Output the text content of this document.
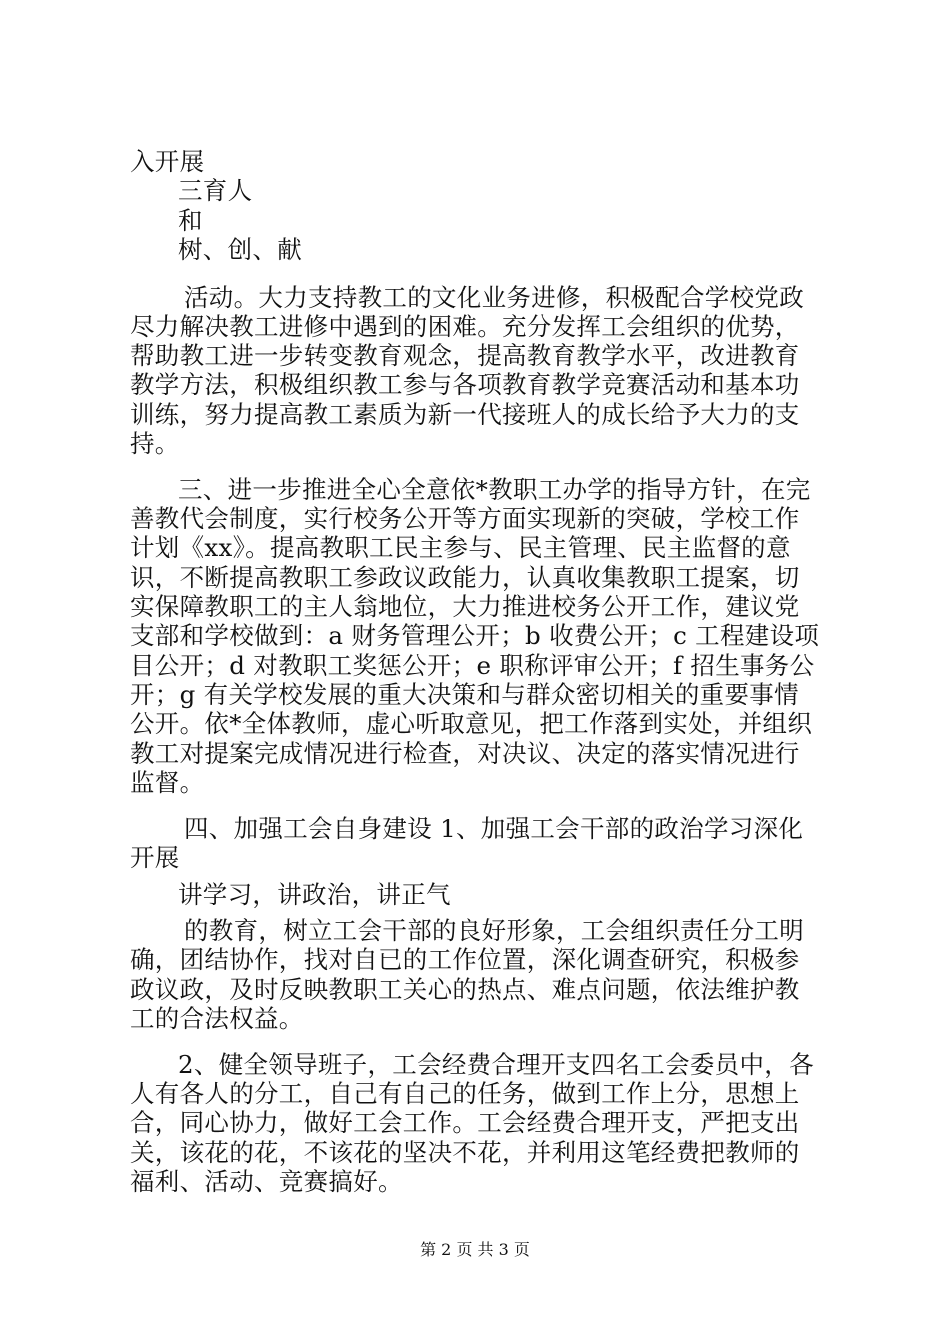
入开展
三育人
和
树、创、献
活动。大力支持教工的文化业务进修，积极配合学校党政
尽力解决教工进修中遇到的困难。充分发挥工会组织的优势，
帮助教工进一步转变教育观念，提高教育教学水平，改进教育
教学方法，积极组织教工参与各项教育教学竞赛活动和基本功
训练，努力提高教工素质为新一代接班人的成长给予大力的支
持。
三、进一步推进全心全意依*教职工办学的指导方针，在完
善教代会制度，实行校务公开等方面实现新的突破，学校工作
计划《xx》。提高教职工民主参与、民主管理、民主监督的意
识，不断提高教职工参政议政能力，认真收集教职工提案，切
实保障教职工的主人翁地位，大力推进校务公开工作，建议党
支部和学校做到：a 财务管理公开；b 收费公开；c 工程建设项
目公开；d 对教职工奖惩公开；e 职称评审公开；f 招生事务公
开；g 有关学校发展的重大决策和与群众密切相关的重要事情
公开。依*全体教师，虚心听取意见，把工作落到实处，并组织
教工对提案完成情况进行检查，对决议、决定的落实情况进行
监督。
四、加强工会自身建设 1、加强工会干部的政治学习深化
开展
讲学习，讲政治，讲正气
的教育，树立工会干部的良好形象，工会组织责任分工明
确，团结协作，找对自已的工作位置，深化调查研究，积极参
政议政，及时反映教职工关心的热点、难点问题，依法维护教
工的合法权益。
2、健全领导班子，工会经费合理开支四名工会委员中，各
人有各人的分工，自己有自己的任务，做到工作上分，思想上
合，同心协力，做好工会工作。工会经费合理开支，严把支出
关，该花的花，不该花的坚决不花，并利用这笔经费把教师的
福利、活动、竞赛搞好。
第 2 页 共 3 页
